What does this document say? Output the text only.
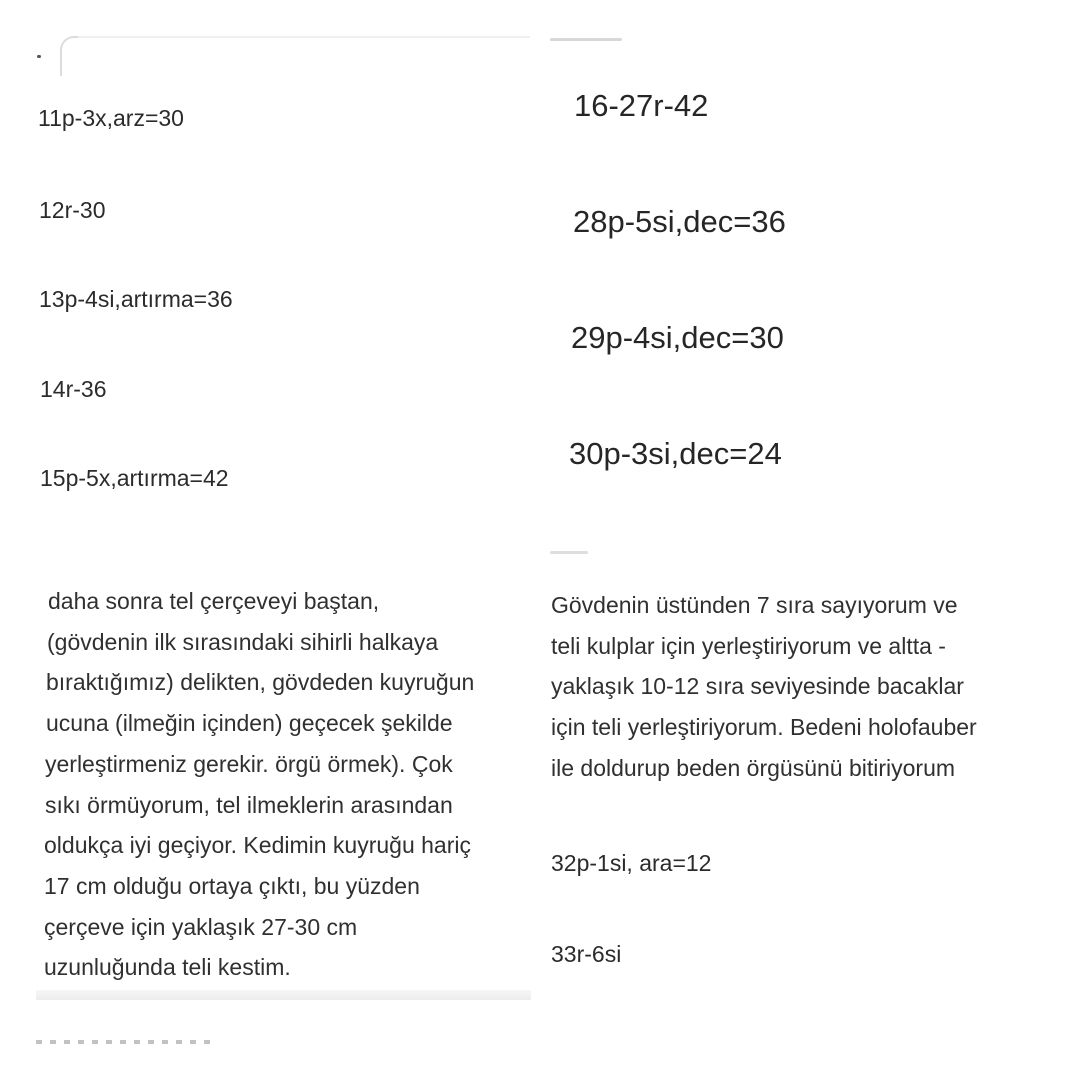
11p-3x,arz=30
12r-30
13p-4si,artırma=36
14r-36
15p-5x,artırma=42
daha sonra tel çerçeveyi baştan,
(gövdenin ilk sırasındaki sihirli halkaya
bıraktığımız) delikten, gövdeden kuyruğun
ucuna (ilmeğin içinden) geçecek şekilde
yerleştirmeniz gerekir. örgü örmek). Çok
sıkı örmüyorum, tel ilmeklerin arasından
oldukça iyi geçiyor. Kedimin kuyruğu hariç
17 cm olduğu ortaya çıktı, bu yüzden
çerçeve için yaklaşık 27-30 cm
uzunluğunda teli kestim.
16-27r-42
28p-5si,dec=36
29p-4si,dec=30
30p-3si,dec=24
Gövdenin üstünden 7 sıra sayıyorum ve
teli kulplar için yerleştiriyorum ve altta -
yaklaşık 10-12 sıra seviyesinde bacaklar
için teli yerleştiriyorum. Bedeni holofauber
ile doldurup beden örgüsünü bitiriyorum
32p-1si, ara=12
33r-6si
